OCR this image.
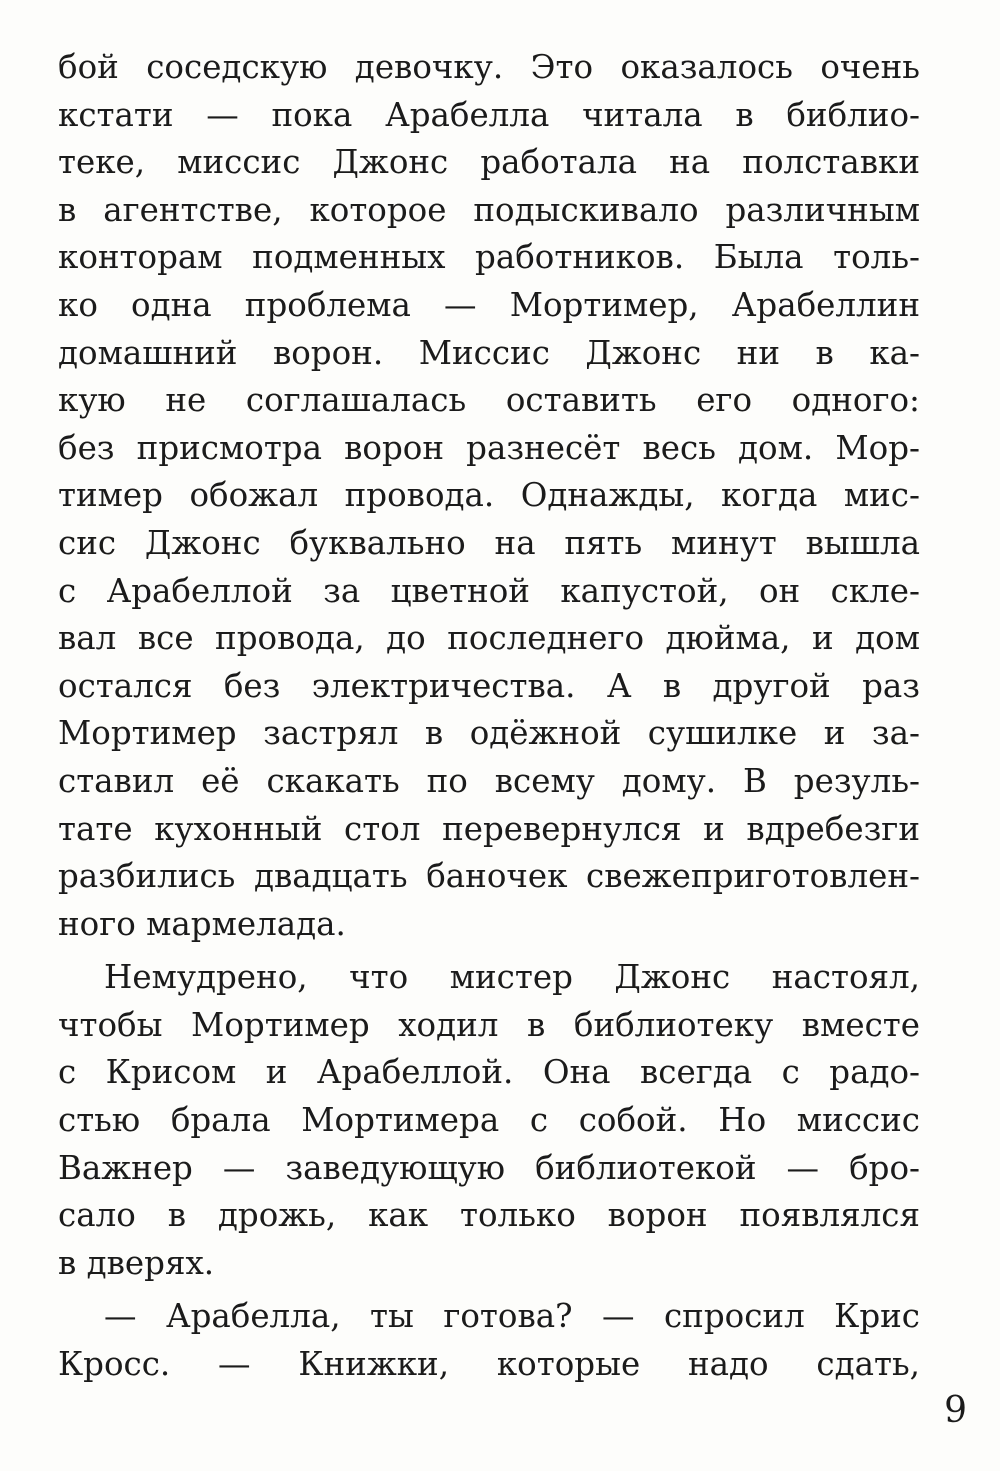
бой соседскую девочку. Это оказалось очень
кстати — пока Арабелла читала в библио-
теке, миссис Джонс работала на полставки
в агентстве, которое подыскивало различным
конторам подменных работников. Была толь-
ко одна проблема — Мортимер, Арабеллин
домашний ворон. Миссис Джонс ни в ка-
кую не соглашалась оставить его одного:
без присмотра ворон разнесёт весь дом. Мор-
тимер обожал провода. Однажды, когда мис-
сис Джонс буквально на пять минут вышла
с Арабеллой за цветной капустой, он скле-
вал все провода, до последнего дюйма, и дом
остался без электричества. А в другой раз
Мортимер застрял в одёжной сушилке и за-
ставил её скакать по всему дому. В резуль-
тате кухонный стол перевернулся и вдребезги
разбились двадцать баночек свежеприготовлен-
ного мармелада.
Немудрено, что мистер Джонс настоял,
чтобы Мортимер ходил в библиотеку вместе
с Крисом и Арабеллой. Она всегда с радо-
стью брала Мортимера с собой. Но миссис
Важнер — заведующую библиотекой — бро-
сало в дрожь, как только ворон появлялся
в дверях.
— Арабелла, ты готова? — спросил Крис
Кросс. — Книжки, которые надо сдать,
9
